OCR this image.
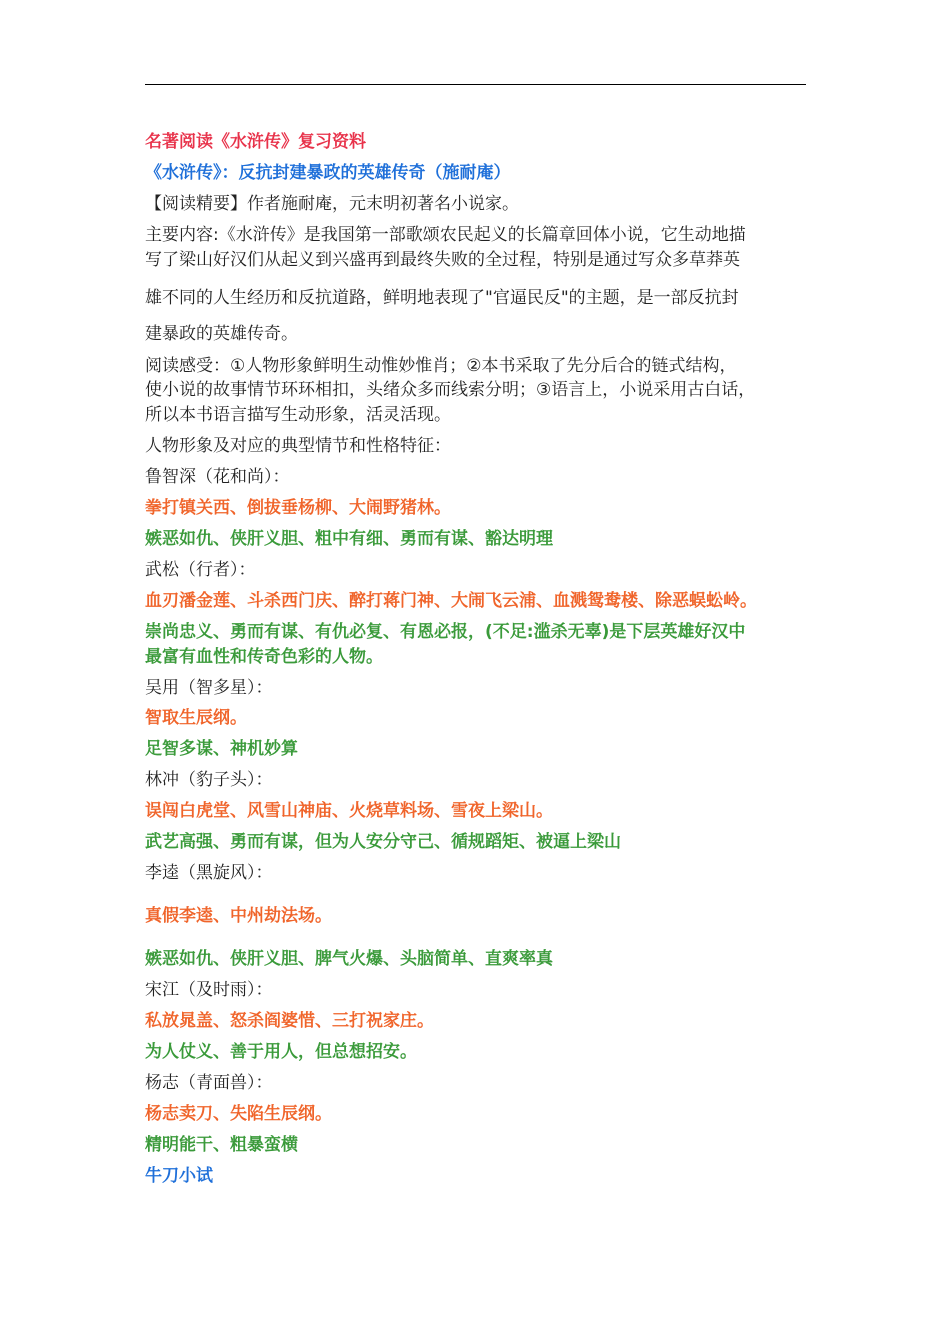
名著阅读《水浒传》复习资料
《水浒传》：反抗封建暴政的英雄传奇（施耐庵）
【阅读精要】作者施耐庵，元末明初著名小说家。
主要内容:《水浒传》是我国第一部歌颂农民起义的长篇章回体小说，它生动地描
写了梁山好汉们从起义到兴盛再到最终失败的全过程，特别是通过写众多草莽英
雄不同的人生经历和反抗道路，鲜明地表现了"官逼民反"的主题，是一部反抗封
建暴政的英雄传奇。
阅读感受：①人物形象鲜明生动惟妙惟肖；②本书采取了先分后合的链式结构，
使小说的故事情节环环相扣，头绪众多而线索分明；③语言上，小说采用古白话，
所以本书语言描写生动形象，活灵活现。
人物形象及对应的典型情节和性格特征：
鲁智深（花和尚）：
拳打镇关西、倒拔垂杨柳、大闹野猪林。
嫉恶如仇、侠肝义胆、粗中有细、勇而有谋、豁达明理
武松（行者）：
血刃潘金莲、斗杀西门庆、醉打蒋门神、大闹飞云浦、血溅鸳鸯楼、除恶蜈蚣岭。
崇尚忠义、勇而有谋、有仇必复、有恩必报，(不足:滥杀无辜)是下层英雄好汉中
最富有血性和传奇色彩的人物。
吴用（智多星）：
智取生辰纲。
足智多谋、神机妙算
林冲（豹子头）：
误闯白虎堂、风雪山神庙、火烧草料场、雪夜上梁山。
武艺高强、勇而有谋，但为人安分守己、循规蹈矩、被逼上梁山
李逵（黑旋风）：
真假李逵、中州劫法场。
嫉恶如仇、侠肝义胆、脾气火爆、头脑简单、直爽率真
宋江（及时雨）：
私放晁盖、怒杀阎婆惜、三打祝家庄。
为人仗义、善于用人，但总想招安。
杨志（青面兽）：
杨志卖刀、失陷生辰纲。
精明能干、粗暴蛮横
牛刀小试
